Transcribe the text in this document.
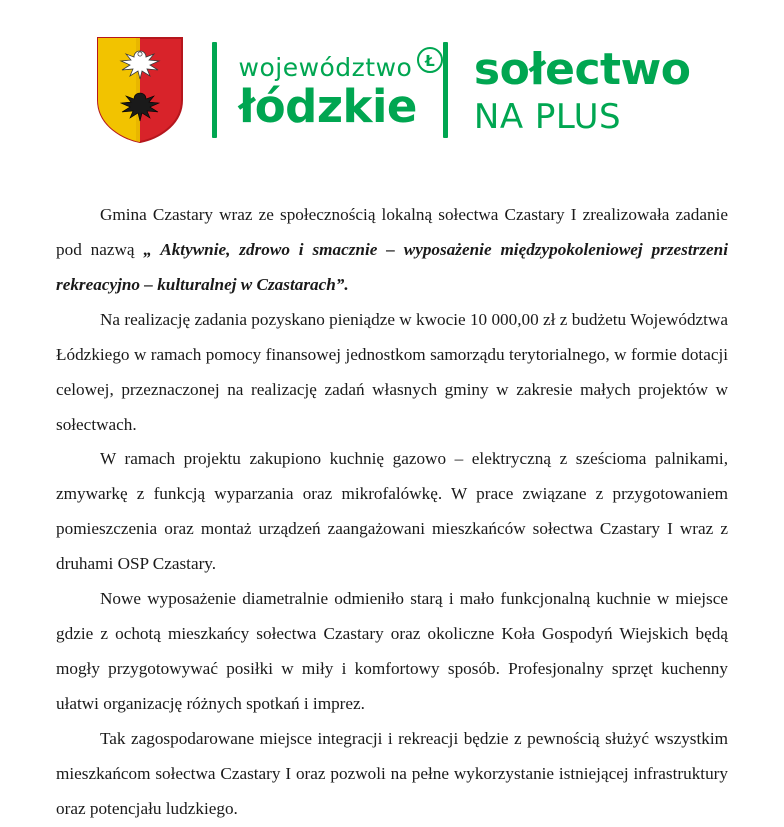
województwo
łódzkie
Ł sołectwo
NA PLUS

Gmina Czastary wraz ze społecznością lokalną sołectwa Czastary I zrealizowała zadanie pod nazwą „ Aktywnie, zdrowo i smacznie – wyposażenie międzypokoleniowej przestrzeni rekreacyjno – kulturalnej w Czastarach”.

Na realizację zadania pozyskano pieniądze w kwocie 10 000,00 zł z budżetu Województwa Łódzkiego w ramach pomocy finansowej jednostkom samorządu terytorialnego, w formie dotacji celowej, przeznaczonej na realizację zadań własnych gminy w zakresie małych projektów w sołectwach.

W ramach projektu zakupiono kuchnię gazowo – elektryczną z sześcioma palnikami, zmywarkę z funkcją wyparzania oraz mikrofalówkę. W prace związane z przygotowaniem pomieszczenia oraz montaż urządzeń zaangażowani mieszkańców sołectwa Czastary I wraz z druhami OSP Czastary.

Nowe wyposażenie diametralnie odmieniło starą i mało funkcjonalną kuchnie w miejsce gdzie z ochotą mieszkańcy sołectwa Czastary oraz okoliczne Koła Gospodyń Wiejskich będą mogły przygotowywać posiłki w miły i komfortowy sposób. Profesjonalny sprzęt kuchenny ułatwi organizację różnych spotkań i imprez.

Tak zagospodarowane miejsce integracji i rekreacji będzie z pewnością służyć wszystkim mieszkańcom sołectwa Czastary I oraz pozwoli na pełne wykorzystanie istniejącej infrastruktury oraz potencjału ludzkiego.
